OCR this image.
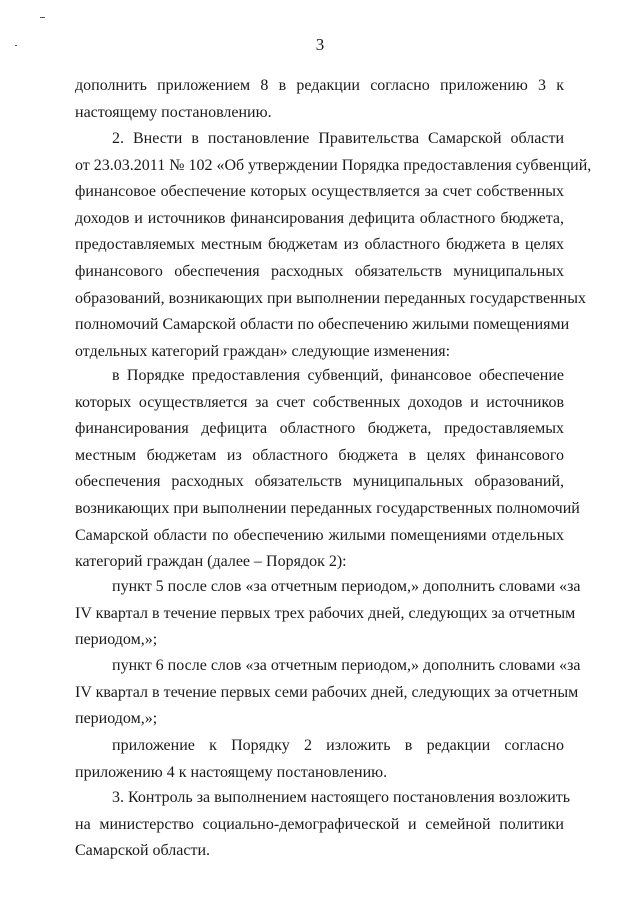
3
дополнить приложением 8 в редакции согласно приложению 3 к
настоящему постановлению.
2. Внести в постановление Правительства Самарской области
от 23.03.2011 № 102 «Об утверждении Порядка предоставления субвенций,
финансовое обеспечение которых осуществляется за счет собственных
доходов и источников финансирования дефицита областного бюджета,
предоставляемых местным бюджетам из областного бюджета в целях
финансового обеспечения расходных обязательств муниципальных
образований, возникающих при выполнении переданных государственных
полномочий Самарской области по обеспечению жилыми помещениями
отдельных категорий граждан» следующие изменения:
в Порядке предоставления субвенций, финансовое обеспечение
которых осуществляется за счет собственных доходов и источников
финансирования дефицита областного бюджета, предоставляемых
местным бюджетам из областного бюджета в целях финансового
обеспечения расходных обязательств муниципальных образований,
возникающих при выполнении переданных государственных полномочий
Самарской области по обеспечению жилыми помещениями отдельных
категорий граждан (далее – Порядок 2):
пункт 5 после слов «за отчетным периодом,» дополнить словами «за
IV квартал в течение первых трех рабочих дней, следующих за отчетным
периодом,»;
пункт 6 после слов «за отчетным периодом,» дополнить словами «за
IV квартал в течение первых семи рабочих дней, следующих за отчетным
периодом,»;
приложение к Порядку 2 изложить в редакции согласно
приложению 4 к настоящему постановлению.
3. Контроль за выполнением настоящего постановления возложить
на министерство социально-демографической и семейной политики
Самарской области.
